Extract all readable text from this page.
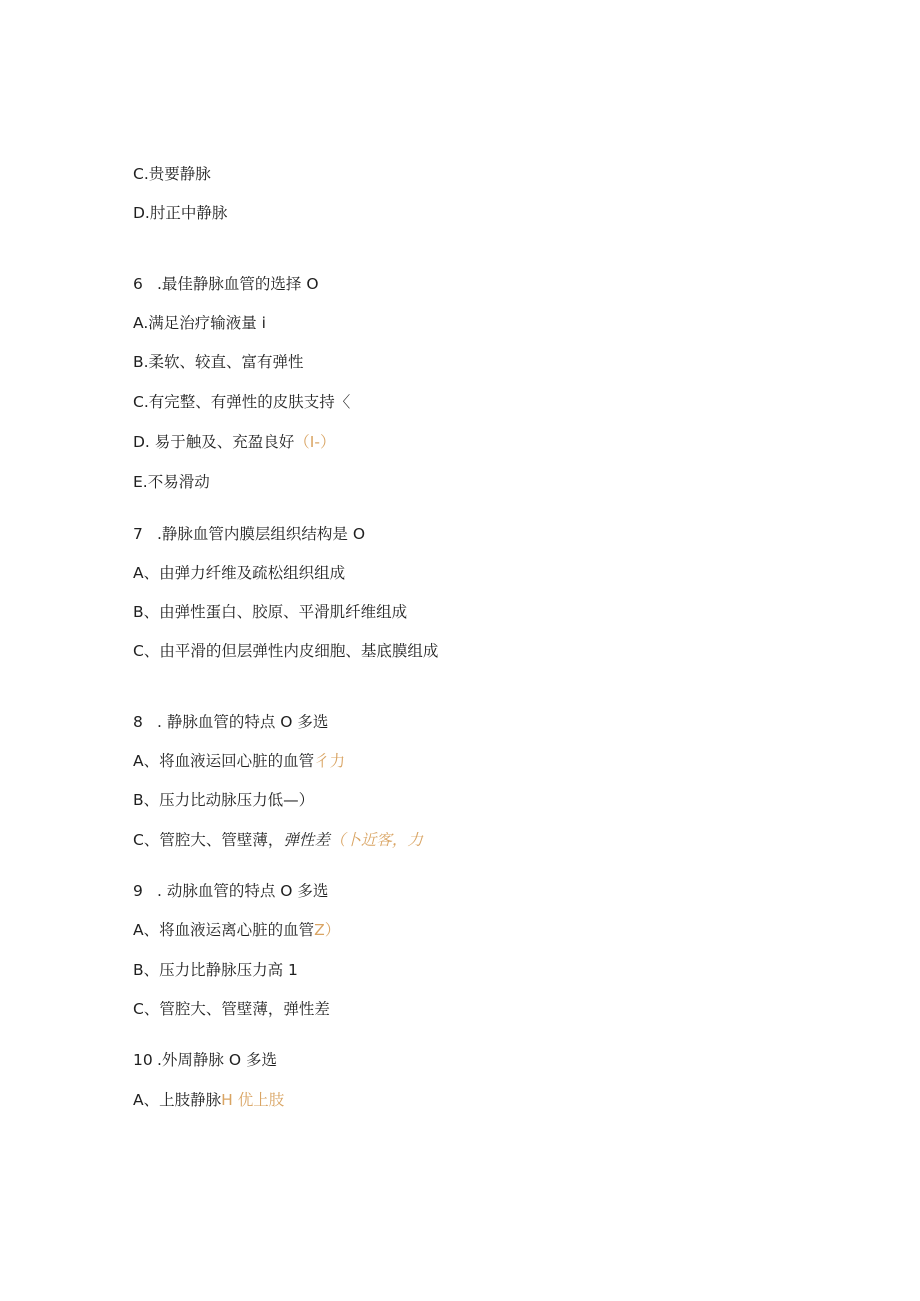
C.贵要静脉
D.肘正中静脉
6 .最佳静脉血管的选择 O
A.满足治疗输液量 i
B.柔软、较直、富有弹性
C.有完整、有弹性的皮肤支持〈
D. 易于触及、充盈良好（I-）
E.不易滑动
7 .静脉血管内膜层组织结构是 O
A、由弹力纤维及疏松组织组成
B、由弹性蛋白、胶原、平滑肌纤维组成
C、由平滑的但层弹性内皮细胞、基底膜组成
8 . 静脉血管的特点 O 多选
A、将血液运回心脏的血管彳力
B、压力比动脉压力低—）
C、管腔大、管壁薄，弹性差（卜近客，力
9 . 动脉血管的特点 O 多选
A、将血液运离心脏的血管Z）
B、压力比静脉压力高 1
C、管腔大、管壁薄，弹性差
10 .外周静脉 O 多选
A、上肢静脉H 优上肢
